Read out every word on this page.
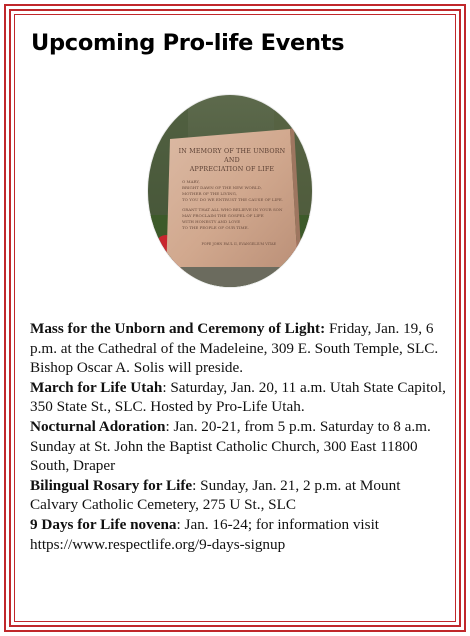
Upcoming Pro-life Events
IN MEMORY OF THE UNBORN
AND
APPRECIATION OF LIFE
O MARY,
BRIGHT DAWN OF THE NEW WORLD,
MOTHER OF THE LIVING,
TO YOU DO WE ENTRUST THE CAUSE OF LIFE.
GRANT THAT ALL WHO BELIEVE IN YOUR SON
MAY PROCLAIM THE GOSPEL OF LIFE
WITH HONESTY AND LOVE
TO THE PEOPLE OF OUR TIME.
POPE JOHN PAUL II, EVANGELIUM VITAE

Mass for the Unborn and Ceremony of Light: Friday, Jan. 19, 6 p.m. at the Cathedral of the Madeleine, 309 E. South Temple, SLC. Bishop Oscar A. Solis will preside.

March for Life Utah: Saturday, Jan. 20, 11 a.m. Utah State Capitol, 350 State St., SLC. Hosted by Pro-Life Utah.

Nocturnal Adoration: Jan. 20-21, from 5 p.m. Saturday to 8 a.m. Sunday at St. John the Baptist Catholic Church, 300 East 11800 South, Draper

Bilingual Rosary for Life: Sunday, Jan. 21, 2 p.m. at Mount Calvary Catholic Cemetery, 275 U St., SLC

9 Days for Life novena: Jan. 16-24; for information visit https://www.respectlife.org/9-days-signup
